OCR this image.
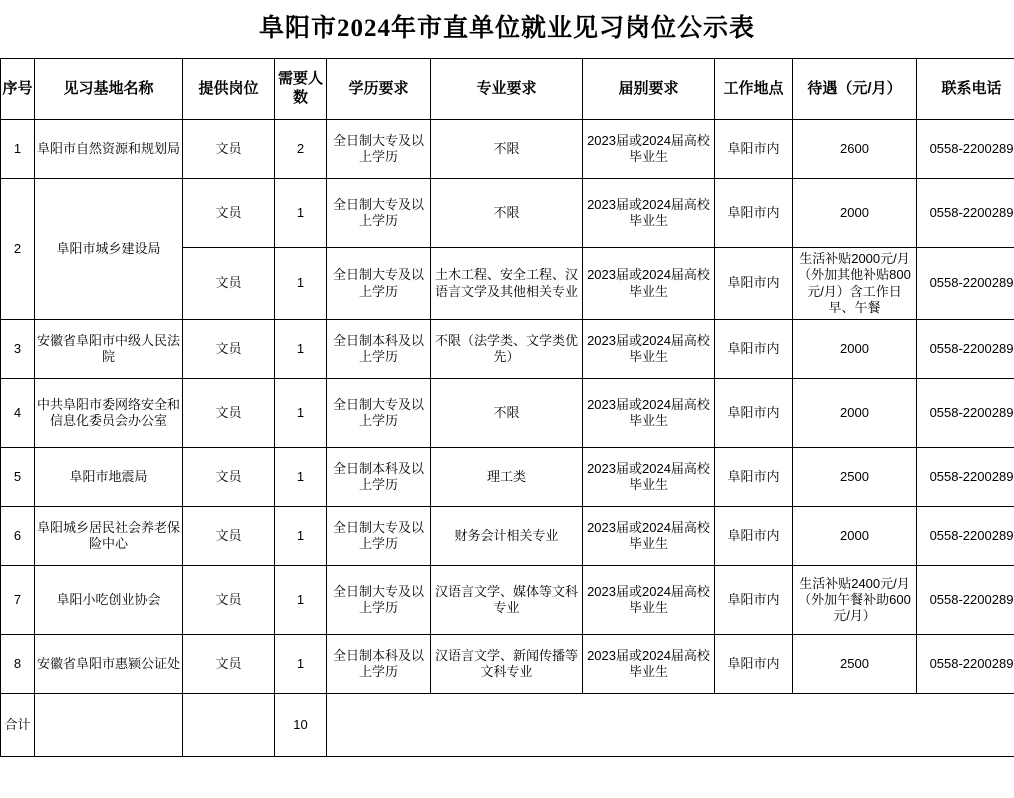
阜阳市2024年市直单位就业见习岗位公示表
序号	见习基地名称	提供岗位	需要人数	学历要求	专业要求	届别要求	工作地点	待遇（元/月）	联系电话
1	阜阳市自然资源和规划局	文员	2	全日制大专及以上学历	不限	2023届或2024届高校毕业生	阜阳市内	2600	0558-2200289
2	阜阳市城乡建设局	文员	1	全日制大专及以上学历	不限	2023届或2024届高校毕业生	阜阳市内	2000	0558-2200289
		文员	1	全日制大专及以上学历	土木工程、安全工程、汉语言文学及其他相关专业	2023届或2024届高校毕业生	阜阳市内	生活补贴2000元/月（外加其他补贴800元/月）含工作日早、午餐	0558-2200289
3	安徽省阜阳市中级人民法院	文员	1	全日制本科及以上学历	不限（法学类、文学类优先）	2023届或2024届高校毕业生	阜阳市内	2000	0558-2200289
4	中共阜阳市委网络安全和信息化委员会办公室	文员	1	全日制大专及以上学历	不限	2023届或2024届高校毕业生	阜阳市内	2000	0558-2200289
5	阜阳市地震局	文员	1	全日制本科及以上学历	理工类	2023届或2024届高校毕业生	阜阳市内	2500	0558-2200289
6	阜阳城乡居民社会养老保险中心	文员	1	全日制大专及以上学历	财务会计相关专业	2023届或2024届高校毕业生	阜阳市内	2000	0558-2200289
7	阜阳小吃创业协会	文员	1	全日制大专及以上学历	汉语言文学、媒体等文科专业	2023届或2024届高校毕业生	阜阳市内	生活补贴2400元/月（外加午餐补助600元/月）	0558-2200289
8	安徽省阜阳市惠颍公证处	文员	1	全日制本科及以上学历	汉语言文学、新闻传播等文科专业	2023届或2024届高校毕业生	阜阳市内	2500	0558-2200289
合计			10						
